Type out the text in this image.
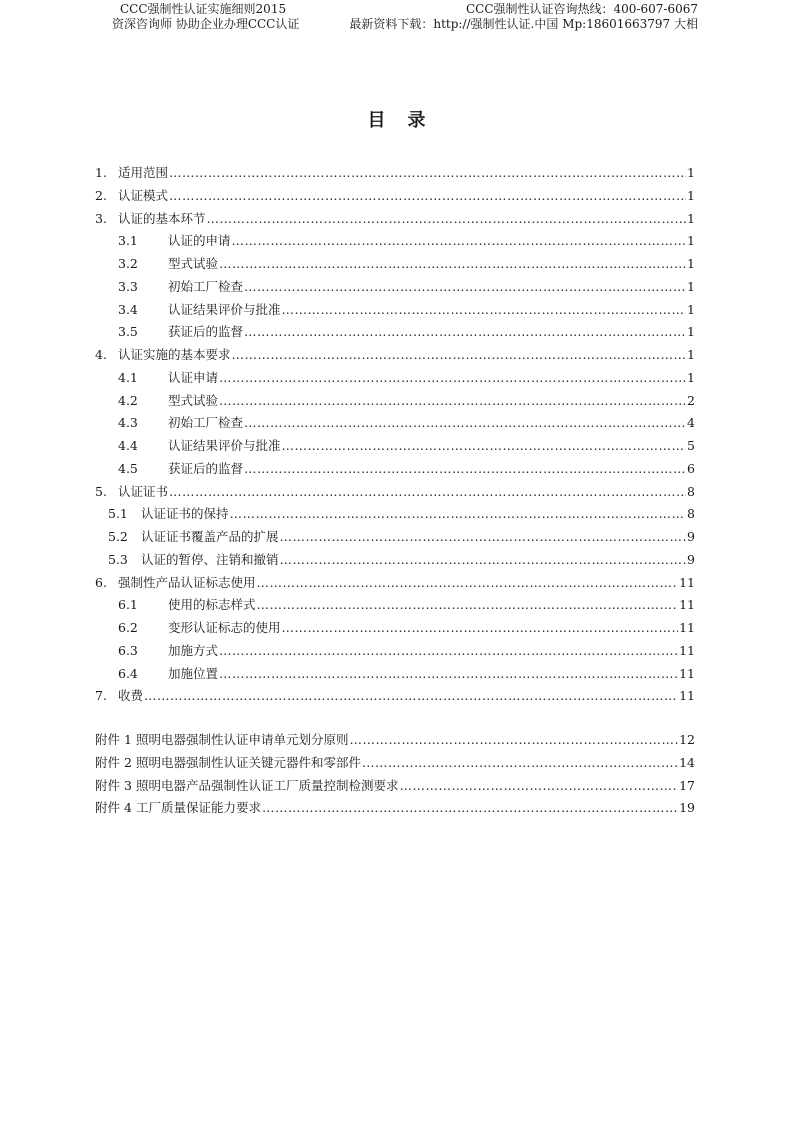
CCC强制性认证实施细则2015	CCC强制性认证咨询热线：400-607-6067
资深咨询师 协助企业办理CCC认证	最新资料下载：http://强制性认证.中国 Mp:18601663797 大相
目录
1. 适用范围 ………………………………………………………………………………………………………………………………………………………………………………………	1
2. 认证模式 ………………………………………………………………………………………………………………………………………………………………………………………	1
3. 认证的基本环节 ………………………………………………………………………………………………………………………………………………………………………………………	1
3.1	认证的申请 ………………………………………………………………………………………………………………………………………………………………………………………	1
3.2	型式试验 ………………………………………………………………………………………………………………………………………………………………………………………	1
3.3	初始工厂检查 ………………………………………………………………………………………………………………………………………………………………………………………	1
3.4	认证结果评价与批准 ………………………………………………………………………………………………………………………………………………………………………………………	1
3.5	获证后的监督 ………………………………………………………………………………………………………………………………………………………………………………………	1
4. 认证实施的基本要求 ………………………………………………………………………………………………………………………………………………………………………………………	1
4.1	认证申请 ………………………………………………………………………………………………………………………………………………………………………………………	1
4.2	型式试验 ………………………………………………………………………………………………………………………………………………………………………………………	2
4.3	初始工厂检查 ………………………………………………………………………………………………………………………………………………………………………………………	4
4.4	认证结果评价与批准 ………………………………………………………………………………………………………………………………………………………………………………………	5
4.5	获证后的监督 ………………………………………………………………………………………………………………………………………………………………………………………	6
5. 认证证书 ………………………………………………………………………………………………………………………………………………………………………………………	8
5.1	认证证书的保持 ………………………………………………………………………………………………………………………………………………………………………………………	8
5.2	认证证书覆盖产品的扩展 ………………………………………………………………………………………………………………………………………………………………………………………	9
5.3	认证的暂停、注销和撤销 ………………………………………………………………………………………………………………………………………………………………………………………	9
6. 强制性产品认证标志使用 ………………………………………………………………………………………………………………………………………………………………………………………	11
6.1	使用的标志样式 ………………………………………………………………………………………………………………………………………………………………………………………	11
6.2	变形认证标志的使用 ………………………………………………………………………………………………………………………………………………………………………………………	11
6.3	加施方式 ………………………………………………………………………………………………………………………………………………………………………………………	11
6.4	加施位置 ………………………………………………………………………………………………………………………………………………………………………………………	11
7. 收费 ………………………………………………………………………………………………………………………………………………………………………………………	11
附件 1 照明电器强制性认证申请单元划分原则 ………………………………………………………………………………………………………………………………………………………………………………………	12
附件 2 照明电器强制性认证关键元器件和零部件 ………………………………………………………………………………………………………………………………………………………………………………………	14
附件 3 照明电器产品强制性认证工厂质量控制检测要求 ………………………………………………………………………………………………………………………………………………………………………………………	17
附件 4 工厂质量保证能力要求 ………………………………………………………………………………………………………………………………………………………………………………………	19
